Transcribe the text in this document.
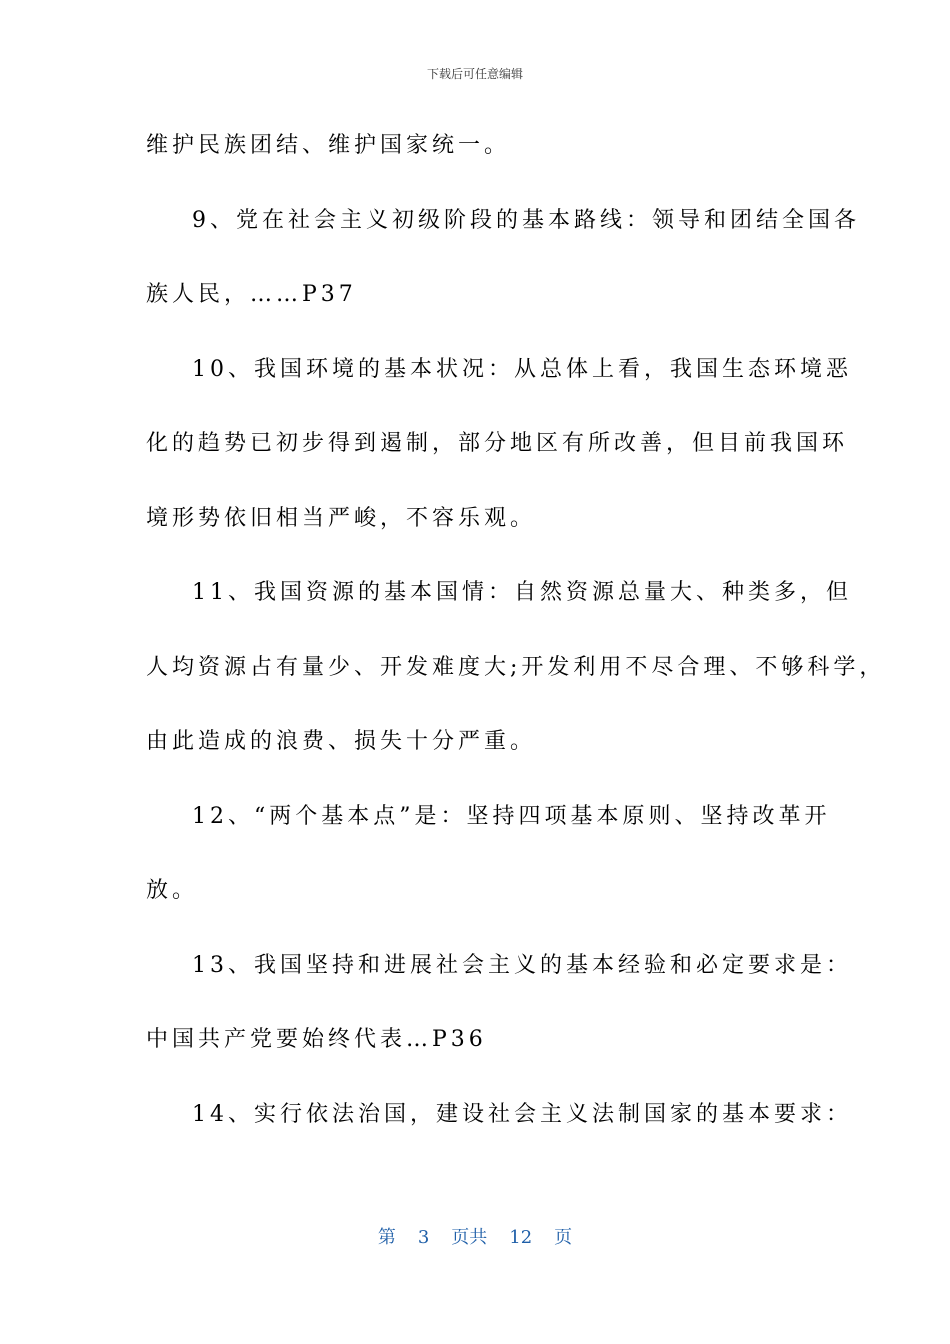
下载后可任意编辑
维护民族团结、维护国家统一。
9、党在社会主义初级阶段的基本路线：领导和团结全国各
族人民，……P37
10、我国环境的基本状况：从总体上看，我国生态环境恶
化的趋势已初步得到遏制，部分地区有所改善，但目前我国环
境形势依旧相当严峻，不容乐观。
11、我国资源的基本国情：自然资源总量大、种类多，但
人均资源占有量少、开发难度大;开发利用不尽合理、不够科学，
由此造成的浪费、损失十分严重。
12、“两个基本点”是：坚持四项基本原则、坚持改革开
放。
13、我国坚持和进展社会主义的基本经验和必定要求是：
中国共产党要始终代表…P36
14、实行依法治国，建设社会主义法制国家的基本要求：
第 3 页共 12 页
